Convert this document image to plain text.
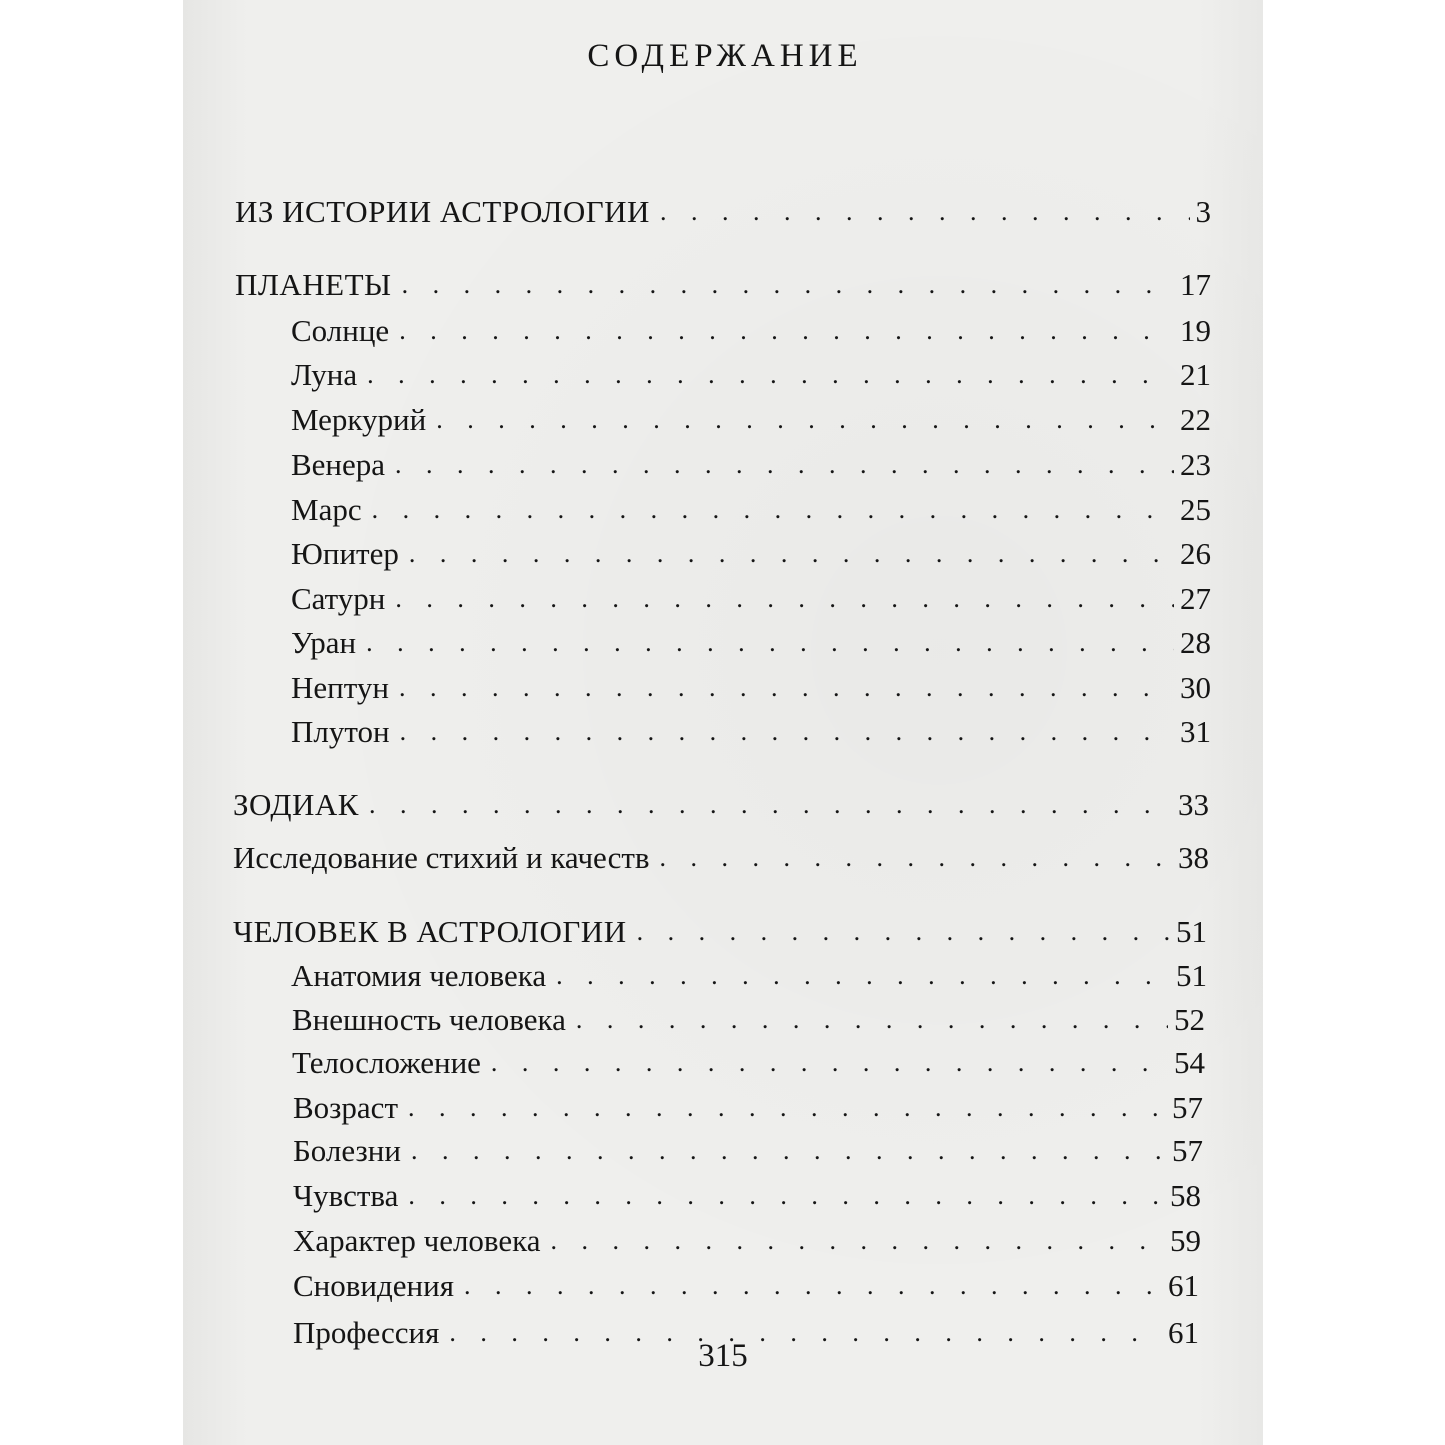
СОДЕРЖАНИЕ
ИЗ ИСТОРИИ АСТРОЛОГИИ . . .	3
ПЛАНЕТЫ . . .	17
Солнце . . .	19
Луна . . .	21
Меркурий . . .	22
Венера . . .	23
Марс . . .	25
Юпитер . . .	26
Сатурн . . .	27
Уран . . .	28
Нептун . . .	30
Плутон . . .	31
ЗОДИАК . . .	33
Исследование стихий и качеств . . .	38
ЧЕЛОВЕК В АСТРОЛОГИИ . . .	51
Анатомия человека . . .	51
Внешность человека . . .	52
Телосложение . . .	54
Возраст . . .	57
Болезни . . .	57
Чувства . . .	58
Характер человека . . .	59
Сновидения . . .	61
Профессия . . .	61
315
